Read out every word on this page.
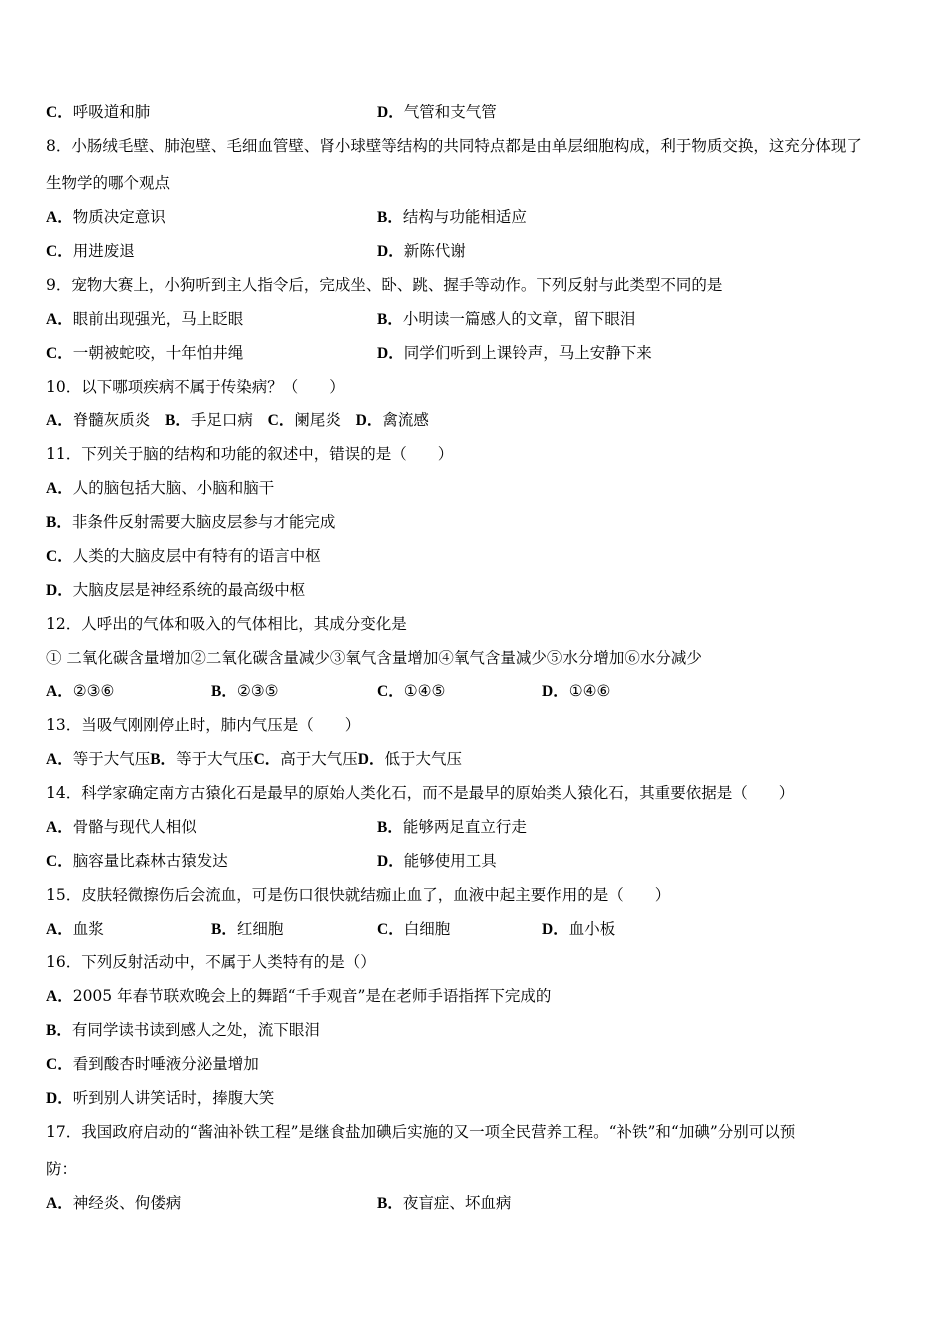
C．呼吸道和肺	D．气管和支气管
8．小肠绒毛壁、肺泡壁、毛细血管壁、肾小球壁等结构的共同特点都是由单层细胞构成，利于物质交换，这充分体现了
生物学的哪个观点
A．物质决定意识	B．结构与功能相适应
C．用进废退	D．新陈代谢
9．宠物大赛上，小狗听到主人指令后，完成坐、卧、跳、握手等动作。下列反射与此类型不同的是
A．眼前出现强光，马上眨眼	B．小明读一篇感人的文章，留下眼泪
C．一朝被蛇咬，十年怕井绳	D．同学们听到上课铃声，马上安静下来
10．以下哪项疾病不属于传染病？（　　）
A．脊髓灰质炎 B．手足口病 C．阑尾炎 D．禽流感
11．下列关于脑的结构和功能的叙述中，错误的是（　　）
A．人的脑包括大脑、小脑和脑干
B．非条件反射需要大脑皮层参与才能完成
C．人类的大脑皮层中有特有的语言中枢
D．大脑皮层是神经系统的最高级中枢
12．人呼出的气体和吸入的气体相比，其成分变化是
① 二氧化碳含量增加②二氧化碳含量减少③氧气含量增加④氧气含量减少⑤水分增加⑥水分减少
A．②③⑥	B．②③⑤	C．①④⑤	D．①④⑥
13．当吸气刚刚停止时，肺内气压是（　　）
A．等于大气压B．等于大气压C．高于大气压D．低于大气压
14．科学家确定南方古猿化石是最早的原始人类化石，而不是最早的原始类人猿化石，其重要依据是（　　）
A．骨骼与现代人相似	B．能够两足直立行走
C．脑容量比森林古猿发达	D．能够使用工具
15．皮肤轻微擦伤后会流血，可是伤口很快就结痂止血了，血液中起主要作用的是（　　）
A．血浆	B．红细胞	C．白细胞	D．血小板
16．下列反射活动中，不属于人类特有的是（）
A．2005 年春节联欢晚会上的舞蹈“千手观音”是在老师手语指挥下完成的
B．有同学读书读到感人之处，流下眼泪
C．看到酸杏时唾液分泌量增加
D．听到别人讲笑话时，捧腹大笑
17．我国政府启动的“酱油补铁工程”是继食盐加碘后实施的又一项全民营养工程。“补铁”和“加碘”分别可以预
防：
A．神经炎、佝偻病	B．夜盲症、坏血病
